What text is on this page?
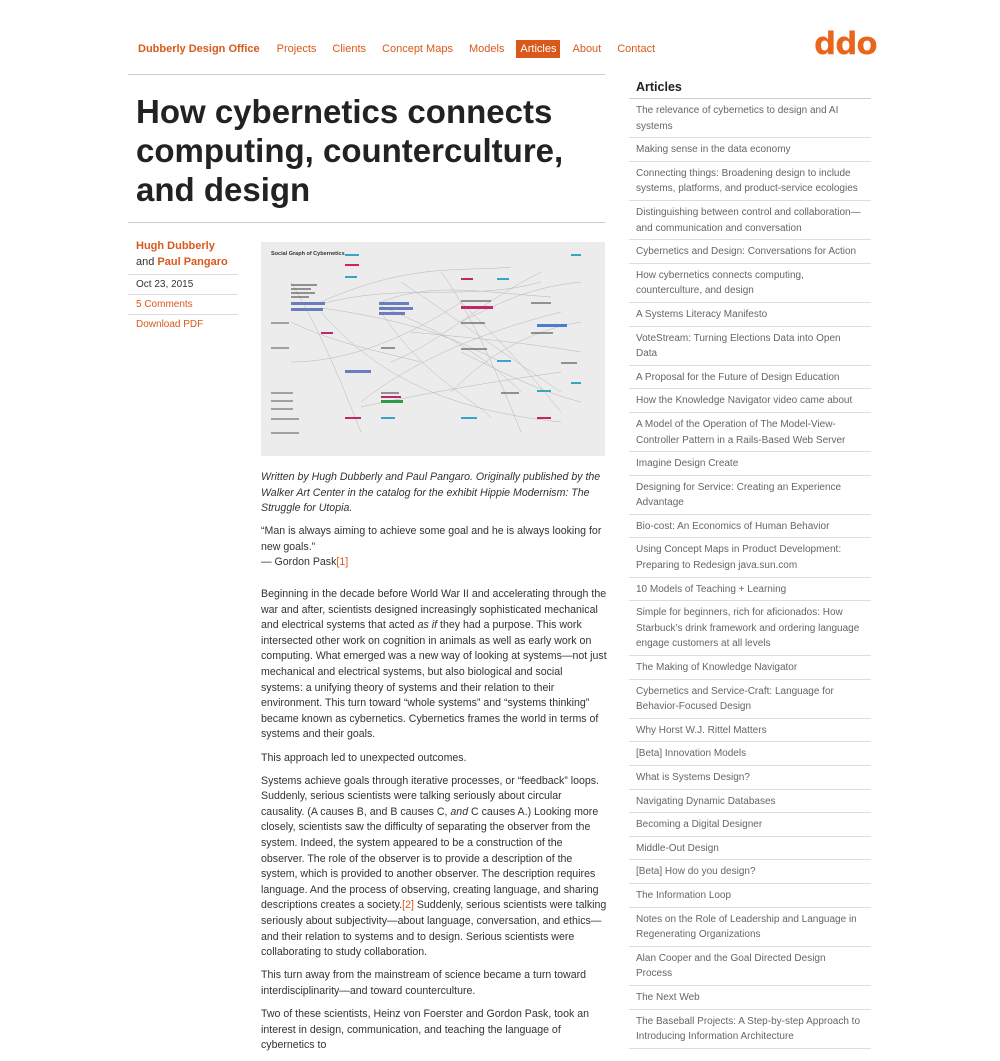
Dubberly Design Office	Projects	Clients	Concept Maps	Models	Articles	About	Contact	ddo
How cybernetics connects computing, counterculture, and design
Hugh Dubberly and Paul Pangaro
Oct 23, 2015
5 Comments
Download PDF
Social Graph of Cybernetics

Written by Hugh Dubberly and Paul Pangaro. Originally published by the Walker Art Center in the catalog for the exhibit Hippie Modernism: The Struggle for Utopia.

“Man is always aiming to achieve some goal and he is always looking for new goals.”
— Gordon Pask[1]

Beginning in the decade before World War II and accelerating through the war and after, scientists designed increasingly sophisticated mechanical and electrical systems that acted as if they had a purpose. This work intersected other work on cognition in animals as well as early work on computing. What emerged was a new way of looking at systems—not just mechanical and electrical systems, but also biological and social systems: a unifying theory of systems and their relation to their environment. This turn toward “whole systems” and “systems thinking” became known as cybernetics. Cybernetics frames the world in terms of systems and their goals.

This approach led to unexpected outcomes.

Systems achieve goals through iterative processes, or “feedback” loops. Suddenly, serious scientists were talking seriously about circular causality. (A causes B, and B causes C, and C causes A.) Looking more closely, scientists saw the difficulty of separating the observer from the system. Indeed, the system appeared to be a construction of the observer. The role of the observer is to provide a description of the system, which is provided to another observer. The description requires language. And the process of observing, creating language, and sharing descriptions creates a society.[2] Suddenly, serious scientists were talking seriously about subjectivity—about language, conversation, and ethics—and their relation to systems and to design. Serious scientists were collaborating to study collaboration.

This turn away from the mainstream of science became a turn toward interdisciplinarity—and toward counterculture.

Two of these scientists, Heinz von Foerster and Gordon Pask, took an interest in design, communication, and teaching the language of cybernetics to

Articles
The relevance of cybernetics to design and AI systems
Making sense in the data economy
Connecting things: Broadening design to include systems, platforms, and product-service ecologies
Distinguishing between control and collaboration—and communication and conversation
Cybernetics and Design: Conversations for Action
How cybernetics connects computing, counterculture, and design
A Systems Literacy Manifesto
VoteStream: Turning Elections Data into Open Data
A Proposal for the Future of Design Education
How the Knowledge Navigator video came about
A Model of the Operation of The Model-View-Controller Pattern in a Rails-Based Web Server
Imagine Design Create
Designing for Service: Creating an Experience Advantage
Bio-cost: An Economics of Human Behavior
Using Concept Maps in Product Development: Preparing to Redesign java.sun.com
10 Models of Teaching + Learning
Simple for beginners, rich for aficionados: How Starbuck’s drink framework and ordering language engage customers at all levels
The Making of Knowledge Navigator
Cybernetics and Service-Craft: Language for Behavior-Focused Design
Why Horst W.J. Rittel Matters
[Beta] Innovation Models
What is Systems Design?
Navigating Dynamic Databases
Becoming a Digital Designer
Middle-Out Design
[Beta] How do you design?
The Information Loop
Notes on the Role of Leadership and Language in Regenerating Organizations
Alan Cooper and the Goal Directed Design Process
The Next Web
The Baseball Projects: A Step-by-step Approach to Introducing Information Architecture
